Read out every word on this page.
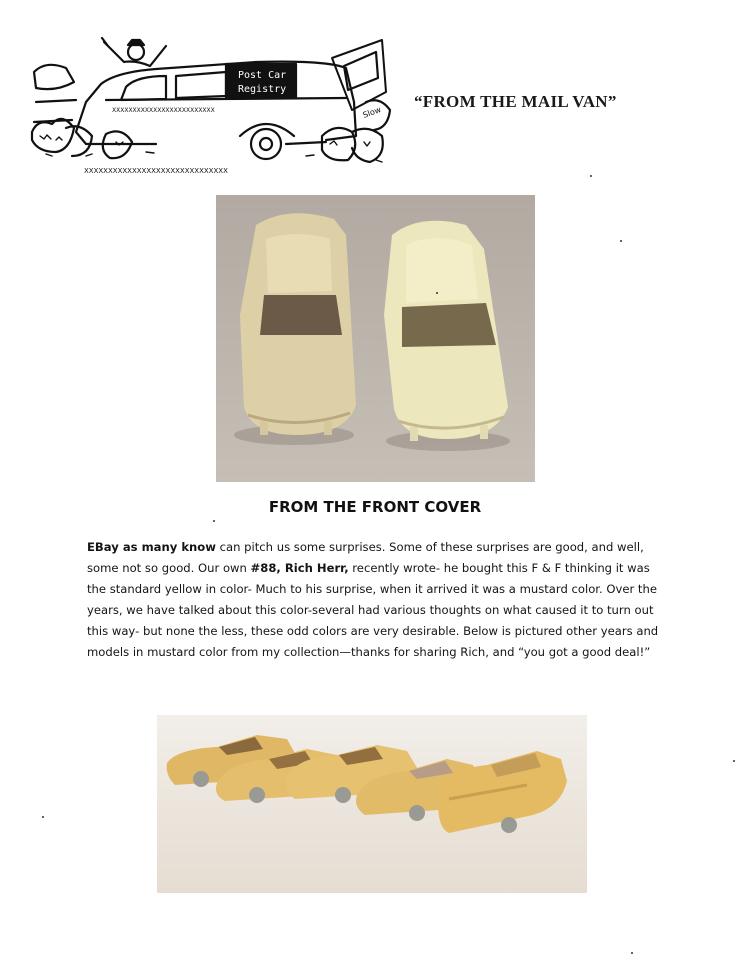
Post Car
Registry
XXXXXXXXXXXXXXXXXXXXXXXXX	Slow
XXXXXXXXXXXXXXXXXXXXXXXXXXXXXX
“FROM THE MAIL VAN”
FROM THE FRONT COVER
EBay as many know can pitch us some surprises. Some of these surprises are good, and well, some not so good. Our own #88, Rich Herr, recently wrote- he bought this F & F thinking it was the standard yellow in color- Much to his surprise, when it arrived it was a mustard color. Over the years, we have talked about this color-several had various thoughts on what caused it to turn out this way- but none the less, these odd colors are very desirable. Below is pictured other years and models in mustard color from my collection—thanks for sharing Rich, and “you got a good deal!”
